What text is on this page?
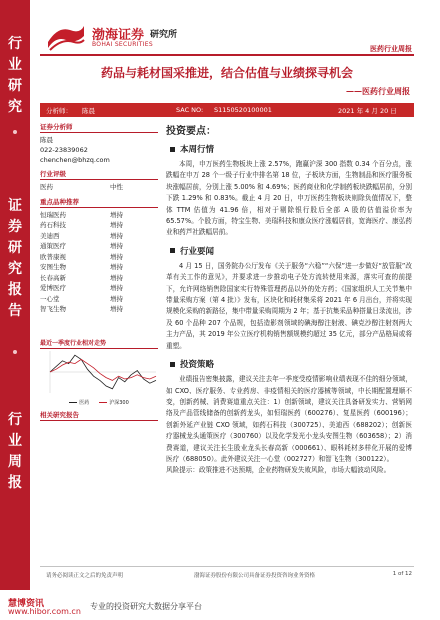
行
业
研
究
证
券
研
究
报
告
行
业
周
报
渤海证券
BOHAI SECURITIES
研究所
医药行业周报
药品与耗材国采推进，结合估值与业绩探寻机会
——医药行业周报
分析师： 陈晨	SAC NO: S1150520100001	2021 年 4 月 20 日
证券分析师
陈晨
022-23839062
chenchen@bhzq.com
行业评级
医药	中性
重点品种推荐
恒瑞医药	增持
药石科技	增持
美迪西	增持
通策医疗	增持
欧普康视	增持
安图生物	增持
长春高新	增持
爱博医疗	增持
一心堂	增持
智飞生物	增持
最近一季度行业相对走势
医药	沪深300
相关研究报告
投资要点：
本周行情
本周，申万医药生物板块上涨 2.57%，跑赢沪深 300 指数 0.34 个百分点，涨跌幅在申万 28 个一级子行业中排名第 18 位，子板块方面，生物制品和医疗服务板块涨幅居前，分别上涨 5.00% 和 4.69%；医药商业和化学制药板块跌幅居前，分别下跌 1.29% 和 0.83%。截止 4 月 20 日，申万医药生物板块则除负值情况下，整体 TTM 估值为 41.96 倍，相对于剔除银行股后全部 A 股的估值溢价率为 65.57%。个股方面，特宝生物、美瑞科技和康众医疗涨幅居前，宽海医疗、康弘药业和药芦社跌幅居前。
行业要闻
4 月 15 日，国务院办公厅发布《关于服务“六稳”“六保”进一步做好“放管服”改革有关工作的意见》，并要求进一步推动电子处方流转使用来源，落实可查的前提下，允许网络销售除国家实行特殊管理药品以外的处方药；《国家组织人工关节集中带量采购方案（第 4 批）》发布，区块化和耗材集采将 2021 年 6 月出台，并将实现规模化采购的新路径，集中带量采购周期为 2 年；基于抗集采品种搭量日录流出，涉及 60 个品种 207 个品规，包括造影剂领域的碘海醇注射液、碘克沙醇注射剂两大主力产品，其 2019 年公立医疗机构销售额规模约超过 35 亿元，部分产品格局或将重塑。
投资策略
业绩报告密集披露，建议关注去年一季度受疫情影响业绩表现不佳的细分领域，如 CXO、医疗服务、专业药房、非疫情相关的医疗器械等领域，中长期配置理顺不变，创新药械、消费赛道重点关注：1）创新领域，建议关注具备研发实力、营销网络及产品管线储备的创新药龙头，如恒瑞医药（600276）、复星医药（600196）；创新外延产业链 CXO 领域，如药石科技（300725）、美迪西（688202）；创新医疗器械龙头通策医疗（300760）以及化学发光小龙头安图生物（603658）；2）消费赛道，建议关注长生股业龙头长春高新（000661）、眼科耗材多样化开展的爱博医疗（688050）。此外建议关注一心堂（002727）和智飞生物（300122）。
风险提示：政策推进不达预期，企业药物研发失败风险，市场大幅波动风险。
请务必阅读正文之后的免责声明	渤海证券股份有限公司具备证券投资咨询业务资格	1 of 12
慧博资讯
www.hibor.com.cn
专业的投资研究大数据分享平台
